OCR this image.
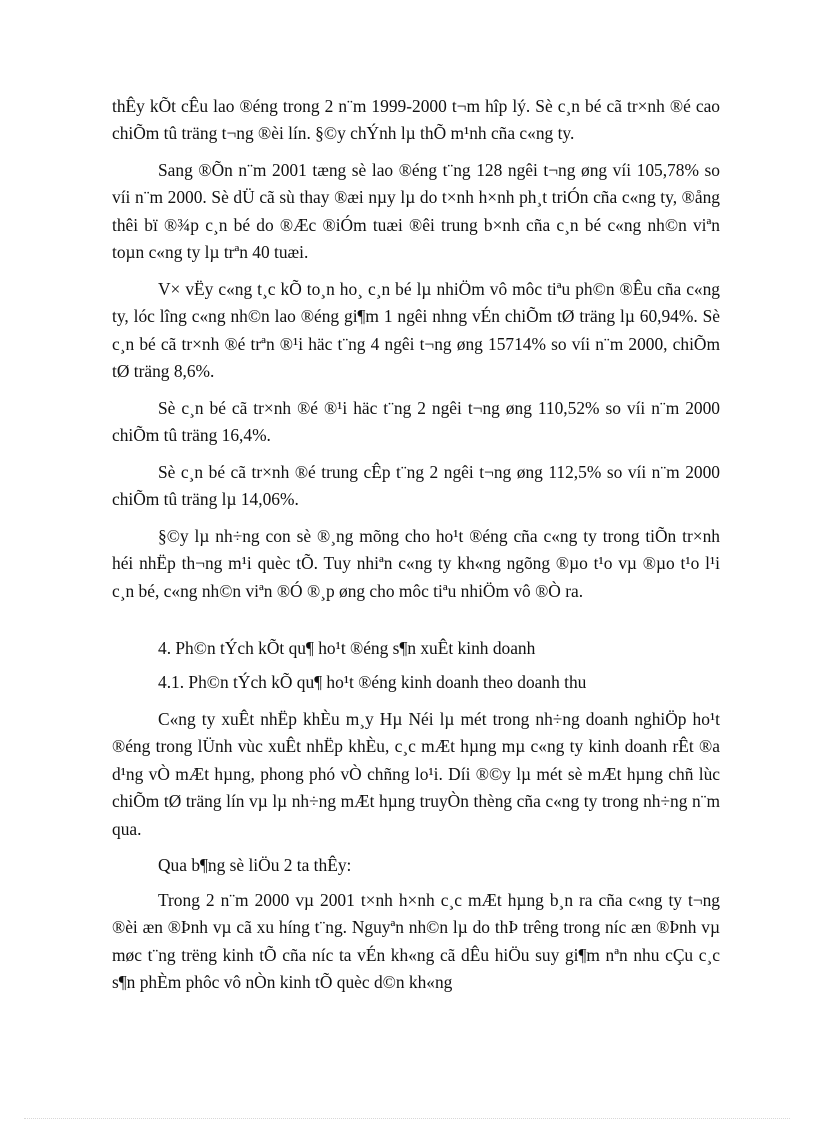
thÊy kÕt cÊu lao ®éng trong 2 n¨m 1999-2000 t¬m hîp lý. Sè c¸n bé cã tr×nh ®é cao chiÕm tû träng t¬ng ®èi lín. §©y chÝnh lµ thÕ m¹nh cña c«ng ty.

Sang ®Õn n¨m 2001 tæng sè lao ®éng t¨ng 128 ngêi t¬ng øng víi 105,78% so víi n¨m 2000. Sè dÜ cã sù thay ®æi nµy lµ do t×nh h×nh ph¸t triÓn cña c«ng ty, ®ång thêi bï ®¾p c¸n bé do ®Æc ®iÓm tuæi ®êi trung b×nh cña c¸n bé c«ng nh©n viªn toµn c«ng ty lµ trªn 40 tuæi.

V× vËy c«ng t¸c kÕ to¸n ho¸ c¸n bé lµ nhiÖm vô môc tiªu ph©n ®Êu cña c«ng ty, lóc lîng c«ng nh©n lao ®éng gi¶m 1 ngêi nhng vÉn chiÕm tØ träng lµ 60,94%. Sè c¸n bé cã tr×nh ®é trªn ®¹i häc t¨ng 4 ngêi t¬ng øng 15714% so víi n¨m 2000, chiÕm tØ träng 8,6%.

Sè c¸n bé cã tr×nh ®é ®¹i häc t¨ng 2 ngêi t¬ng øng 110,52% so víi n¨m 2000 chiÕm tû träng 16,4%.

Sè c¸n bé cã tr×nh ®é trung cÊp t¨ng 2 ngêi t¬ng øng 112,5% so víi n¨m 2000 chiÕm tû träng lµ 14,06%.

§©y lµ nh÷ng con sè ®¸ng mõng cho ho¹t ®éng cña c«ng ty trong tiÕn tr×nh héi nhËp th¬ng m¹i quèc tÕ. Tuy nhiªn c«ng ty kh«ng ngõng ®µo t¹o vµ ®µo t¹o l¹i c¸n bé, c«ng nh©n viªn ®Ó ®¸p øng cho môc tiªu nhiÖm vô ®Ò ra.

4. Ph©n tÝch kÕt qu¶ ho¹t ®éng s¶n xuÊt kinh doanh

4.1. Ph©n tÝch kÕ qu¶ ho¹t ®éng kinh doanh theo doanh thu

C«ng ty xuÊt nhËp khÈu m¸y Hµ Néi lµ mét trong nh÷ng doanh nghiÖp ho¹t ®éng trong lÜnh vùc xuÊt nhËp khÈu, c¸c mÆt hµng mµ c«ng ty kinh doanh rÊt ®a d¹ng vÒ mÆt hµng, phong phó vÒ chñng lo¹i. Díi ®©y lµ mét sè mÆt hµng chñ lùc chiÕm tØ träng lín vµ lµ nh÷ng mÆt hµng truyÒn thèng cña c«ng ty trong nh÷ng n¨m qua.

Qua b¶ng sè liÖu 2 ta thÊy:

Trong 2 n¨m 2000 vµ 2001 t×nh h×nh c¸c mÆt hµng b¸n ra cña c«ng ty t¬ng ®èi æn ®Þnh vµ cã xu híng t¨ng. Nguyªn nh©n lµ do thÞ trêng trong níc æn ®Þnh vµ møc t¨ng trëng kinh tÕ cña níc ta vÉn kh«ng cã dÊu hiÖu suy gi¶m nªn nhu cÇu c¸c s¶n phÈm phôc vô nÒn kinh tÕ quèc d©n kh«ng
